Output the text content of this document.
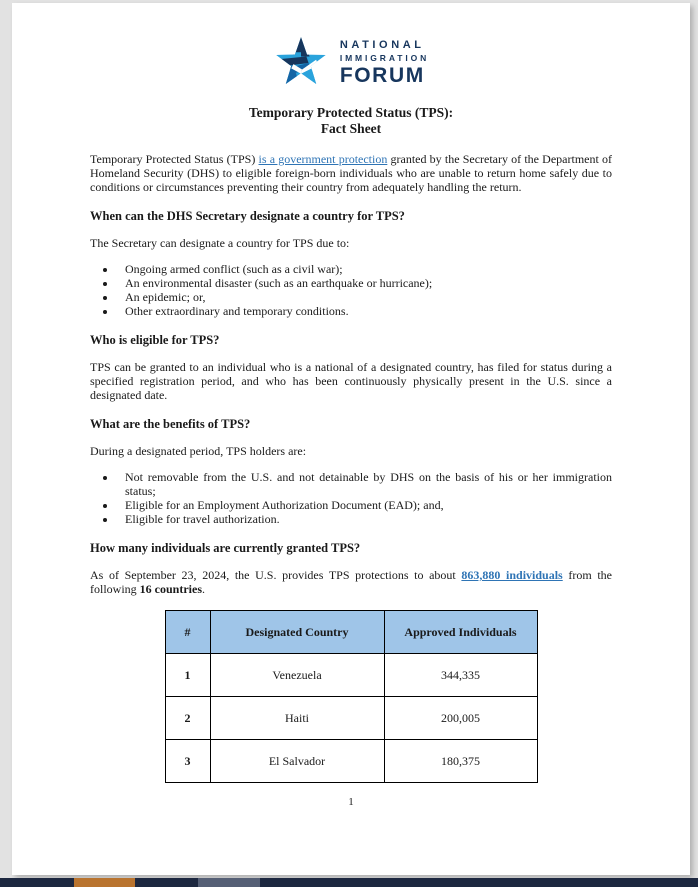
NATIONAL
IMMIGRATION
FORUM
Temporary Protected Status (TPS):
Fact Sheet

Temporary Protected Status (TPS) is a government protection granted by the Secretary of the Department of Homeland Security (DHS) to eligible foreign-born individuals who are unable to return home safely due to conditions or circumstances preventing their country from adequately handling the return.

When can the DHS Secretary designate a country for TPS?

The Secretary can designate a country for TPS due to:

• Ongoing armed conflict (such as a civil war);
• An environmental disaster (such as an earthquake or hurricane);
• An epidemic; or,
• Other extraordinary and temporary conditions.
Who is eligible for TPS?

TPS can be granted to an individual who is a national of a designated country, has filed for status during a specified registration period, and who has been continuously physically present in the U.S. since a designated date.

What are the benefits of TPS?

During a designated period, TPS holders are:

• Not removable from the U.S. and not detainable by DHS on the basis of his or her immigration status;
• Eligible for an Employment Authorization Document (EAD); and,
• Eligible for travel authorization.
How many individuals are currently granted TPS?

As of September 23, 2024, the U.S. provides TPS protections to about 863,880 individuals from the following 16 countries.

#	Designated Country	Approved Individuals
1	Venezuela	344,335
2	Haiti	200,005
3	El Salvador	180,375
1
